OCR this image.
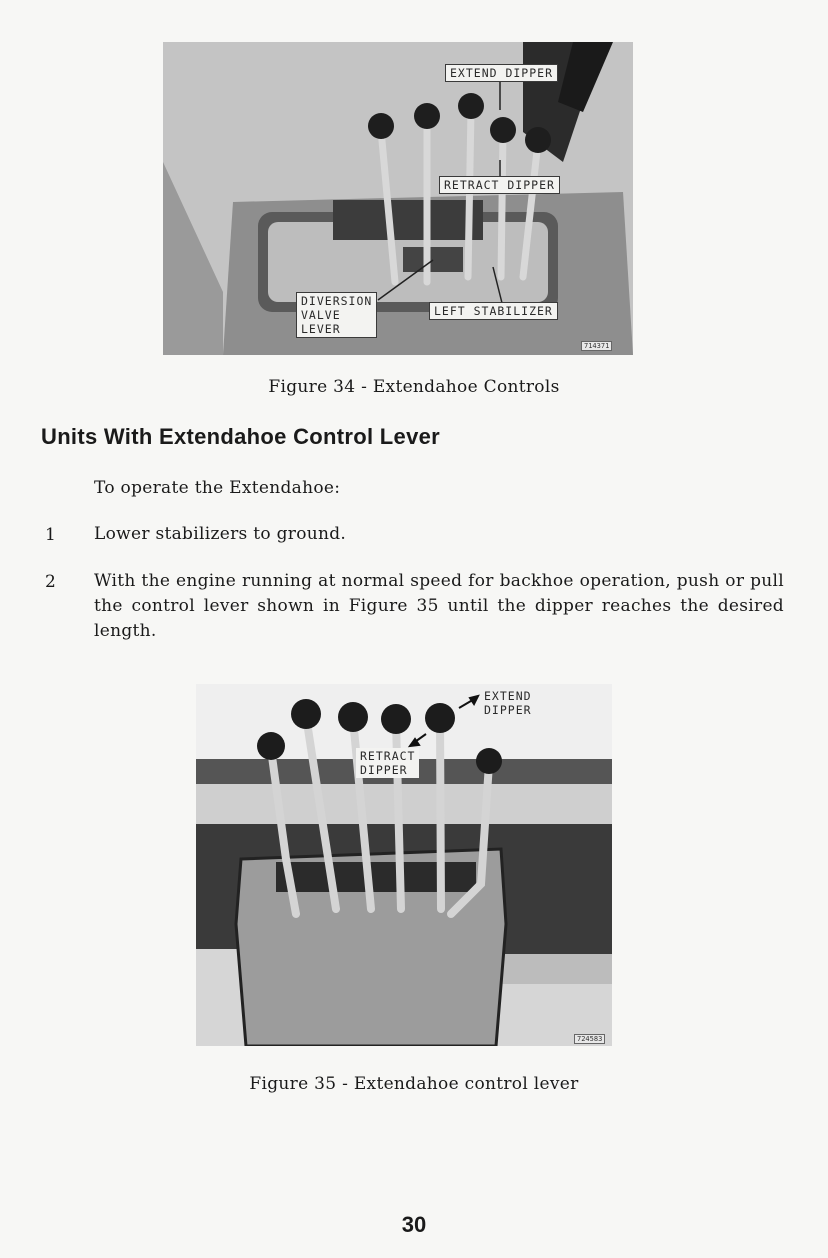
EXTEND DIPPER
RETRACT DIPPER
DIVERSION
VALVE
LEVER
LEFT STABILIZER
714371
Figure 34 - Extendahoe Controls
Units With Extendahoe Control Lever
To operate the Extendahoe:
1 Lower stabilizers to ground.
2 With the engine running at normal speed for backhoe operation, push or pull the control lever shown in Figure 35 until the dipper reaches the desired length.
EXTEND
DIPPER
RETRACT
DIPPER
724583
Figure 35 - Extendahoe control lever
30
